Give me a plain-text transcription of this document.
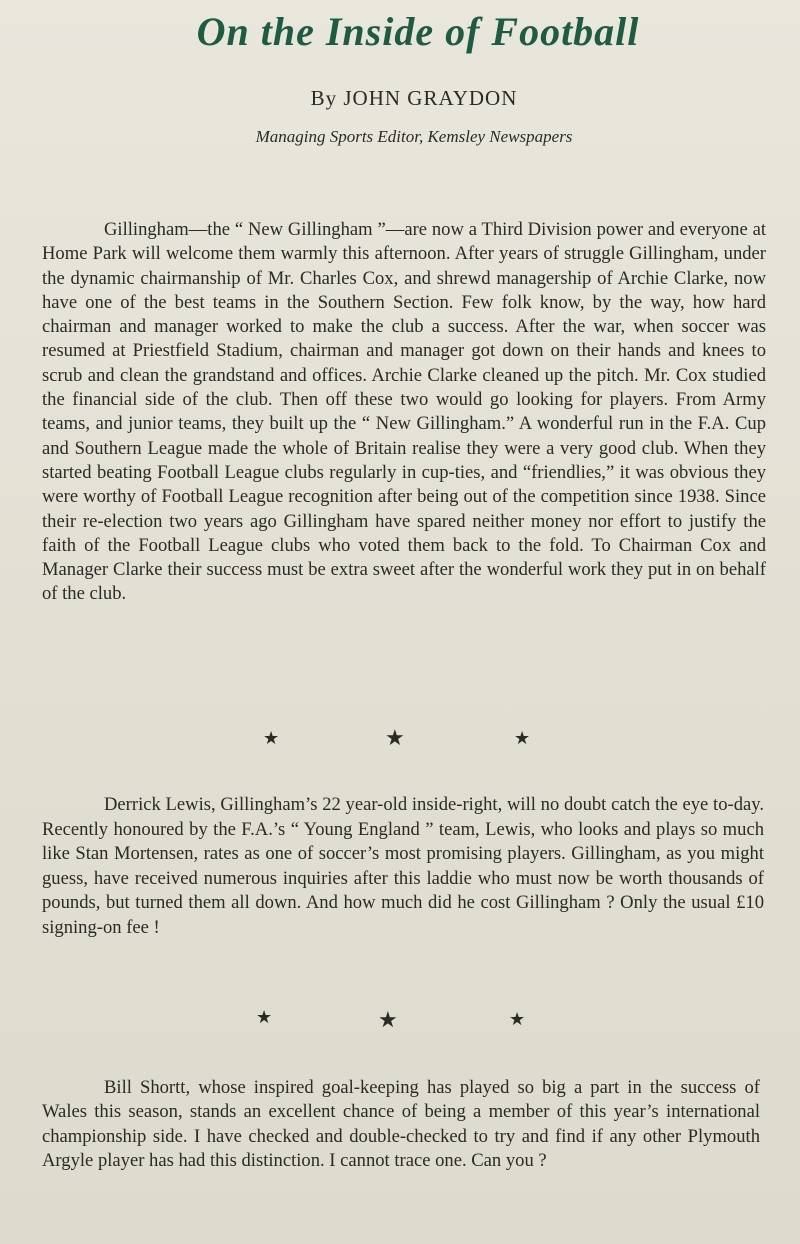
On the Inside of Football

By JOHN GRAYDON

Managing Sports Editor, Kemsley Newspapers

Gillingham—the “ New Gillingham ”—are now a Third Division power and everyone at Home Park will welcome them warmly this afternoon. After years of struggle Gillingham, under the dynamic chairmanship of Mr. Charles Cox, and shrewd managership of Archie Clarke, now have one of the best teams in the Southern Section. Few folk know, by the way, how hard chairman and manager worked to make the club a success. After the war, when soccer was resumed at Priestfield Stadium, chairman and manager got down on their hands and knees to scrub and clean the grandstand and offices. Archie Clarke cleaned up the pitch. Mr. Cox studied the financial side of the club. Then off these two would go looking for players. From Army teams, and junior teams, they built up the “ New Gillingham.” A wonderful run in the F.A. Cup and Southern League made the whole of Britain realise they were a very good club. When they started beating Football League clubs regularly in cup-ties, and “friendlies,” it was obvious they were worthy of Football League recognition after being out of the competition since 1938. Since their re-election two years ago Gillingham have spared neither money nor effort to justify the faith of the Football League clubs who voted them back to the fold. To Chairman Cox and Manager Clarke their success must be extra sweet after the wonderful work they put in on behalf of the club.

★	★	★

Derrick Lewis, Gillingham’s 22 year-old inside-right, will no doubt catch the eye to-day. Recently honoured by the F.A.’s “ Young England ” team, Lewis, who looks and plays so much like Stan Mortensen, rates as one of soccer’s most promising players. Gillingham, as you might guess, have received numerous inquiries after this laddie who must now be worth thousands of pounds, but turned them all down. And how much did he cost Gillingham ? Only the usual £10 signing-on fee !

★	★	★

Bill Shortt, whose inspired goal-keeping has played so big a part in the success of Wales this season, stands an excellent chance of being a member of this year’s international championship side. I have checked and double-checked to try and find if any other Plymouth Argyle player has had this distinction. I cannot trace one. Can you ?
